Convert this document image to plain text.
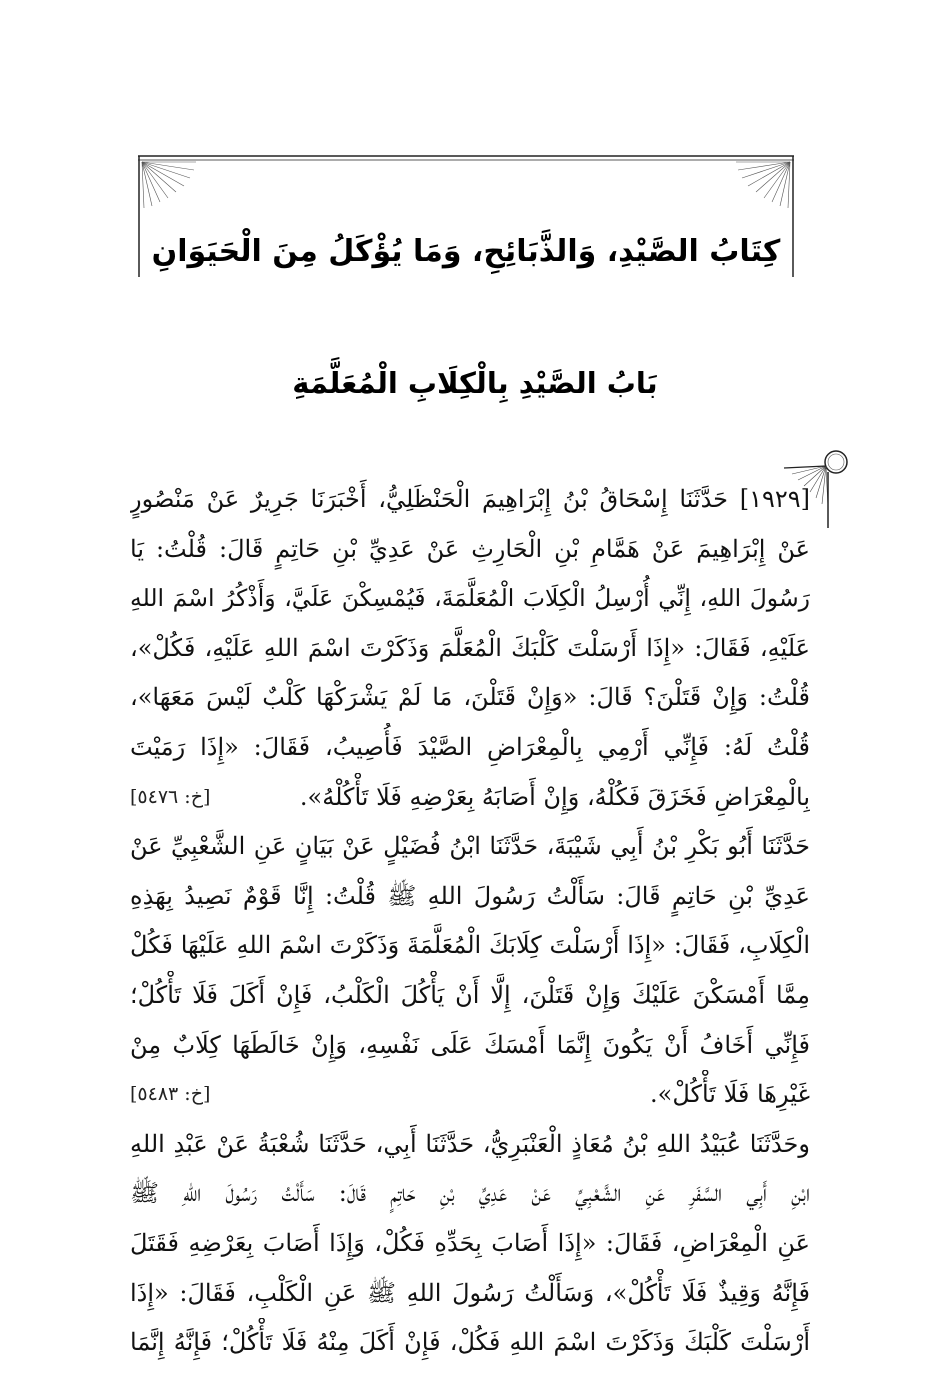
كِتَابُ الصَّيْدِ، وَالذَّبَائِحِ، وَمَا يُؤْكَلُ مِنَ الْحَيَوَانِ
بَابُ الصَّيْدِ بِالْكِلَابِ الْمُعَلَّمَةِ
[١٩٢٩] حَدَّثَنَا إِسْحَاقُ بْنُ إِبْرَاهِيمَ الْحَنْظَلِيُّ، أَخْبَرَنَا جَرِيرٌ عَنْ مَنْصُورٍ
عَنْ إِبْرَاهِيمَ عَنْ هَمَّامِ بْنِ الْحَارِثِ عَنْ عَدِيِّ بْنِ حَاتِمٍ قَالَ: قُلْتُ: يَا
رَسُولَ اللهِ، إِنِّي أُرْسِلُ الْكِلَابَ الْمُعَلَّمَةَ، فَيُمْسِكْنَ عَلَيَّ، وَأَذْكُرُ اسْمَ اللهِ
عَلَيْهِ، فَقَالَ: «إِذَا أَرْسَلْتَ كَلْبَكَ الْمُعَلَّمَ وَذَكَرْتَ اسْمَ اللهِ عَلَيْهِ، فَكُلْ»،
قُلْتُ: وَإِنْ قَتَلْنَ؟ قَالَ: «وَإِنْ قَتَلْنَ، مَا لَمْ يَشْرَكْهَا كَلْبٌ لَيْسَ مَعَهَا»،
قُلْتُ لَهُ: فَإِنِّي أَرْمِي بِالْمِعْرَاضِ الصَّيْدَ فَأُصِيبُ، فَقَالَ: «إِذَا رَمَيْتَ
بِالْمِعْرَاضِ فَخَزَقَ فَكُلْهُ، وَإِنْ أَصَابَهُ بِعَرْضِهِ فَلَا تَأْكُلْهُ».
[خ: ٥٤٧٦]
حَدَّثَنَا أَبُو بَكْرِ بْنُ أَبِي شَيْبَةَ، حَدَّثَنَا ابْنُ فُضَيْلٍ عَنْ بَيَانٍ عَنِ الشَّعْبِيِّ عَنْ
عَدِيِّ بْنِ حَاتِمٍ قَالَ: سَأَلْتُ رَسُولَ اللهِ ﷺ قُلْتُ: إِنَّا قَوْمٌ نَصِيدُ بِهَذِهِ
الْكِلَابِ، فَقَالَ: «إِذَا أَرْسَلْتَ كِلَابَكَ الْمُعَلَّمَةَ وَذَكَرْتَ اسْمَ اللهِ عَلَيْهَا فَكُلْ
مِمَّا أَمْسَكْنَ عَلَيْكَ وَإِنْ قَتَلْنَ، إِلَّا أَنْ يَأْكُلَ الْكَلْبُ، فَإِنْ أَكَلَ فَلَا تَأْكُلْ؛
فَإِنِّي أَخَافُ أَنْ يَكُونَ إِنَّمَا أَمْسَكَ عَلَى نَفْسِهِ، وَإِنْ خَالَطَهَا كِلَابٌ مِنْ
غَيْرِهَا فَلَا تَأْكُلْ».
[خ: ٥٤٨٣]
وحَدَّثَنَا عُبَيْدُ اللهِ بْنُ مُعَاذٍ الْعَنْبَرِيُّ، حَدَّثَنَا أَبِي، حَدَّثَنَا شُعْبَةُ عَنْ عَبْدِ اللهِ
ابْنِ أَبِي السَّفَرِ عَنِ الشَّعْبِيِّ عَنْ عَدِيِّ بْنِ حَاتِمٍ قَالَ: سَأَلْتُ رَسُولَ اللهِ ﷺ
عَنِ الْمِعْرَاضِ، فَقَالَ: «إِذَا أَصَابَ بِحَدِّهِ فَكُلْ، وَإِذَا أَصَابَ بِعَرْضِهِ فَقَتَلَ
فَإِنَّهُ وَقِيذٌ فَلَا تَأْكُلْ»، وَسَأَلْتُ رَسُولَ اللهِ ﷺ عَنِ الْكَلْبِ، فَقَالَ: «إِذَا
أَرْسَلْتَ كَلْبَكَ وَذَكَرْتَ اسْمَ اللهِ فَكُلْ، فَإِنْ أَكَلَ مِنْهُ فَلَا تَأْكُلْ؛ فَإِنَّهُ إِنَّمَا
